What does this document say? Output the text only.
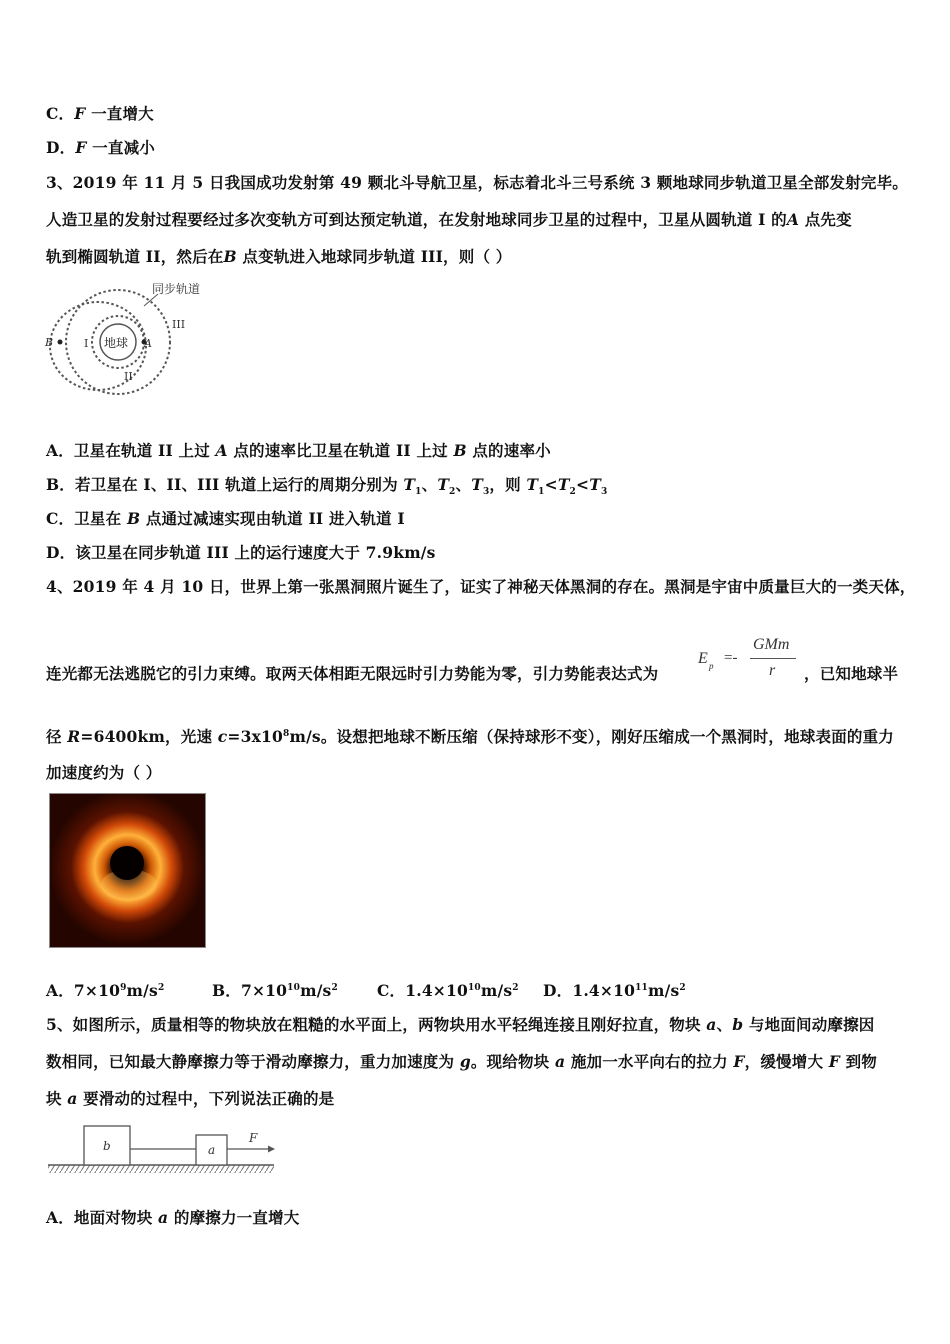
C．F 一直增大
D．F 一直减小
3、2019 年 11 月 5 日我国成功发射第 49 颗北斗导航卫星，标志着北斗三号系统 3 颗地球同步轨道卫星全部发射完毕。
人造卫星的发射过程要经过多次变轨方可到达预定轨道，在发射地球同步卫星的过程中，卫星从圆轨道 I 的A 点先变
轨到椭圆轨道 II，然后在B 点变轨进入地球同步轨道 III，则（ ）
地球
同步轨道
III
I
II
A
B
A．卫星在轨道 II 上过 A 点的速率比卫星在轨道 II 上过 B 点的速率小
B．若卫星在 I、II、III 轨道上运行的周期分别为 $T_1$、$T_2$、$T_3$，则 $T_1<T_2<T_3$
C．卫星在 B 点通过减速实现由轨道 II 进入轨道 I
D．该卫星在同步轨道 III 上的运行速度大于 7.9km/s
4、2019 年 4 月 10 日，世界上第一张黑洞照片诞生了，证实了神秘天体黑洞的存在。黑洞是宇宙中质量巨大的一类天体，
连光都无法逃脱它的引力束缚。取两天体相距无限远时引力势能为零，引力势能表达式为
E p =-
GMm
r ，已知地球半
径 R=6400km，光速 $c=3x10^8m/s$。设想把地球不断压缩（保持球形不变），刚好压缩成一个黑洞时，地球表面的重力
加速度约为（ ）
A．$7\times 10^9m/s^2$	B．$7\times 10^{10}m/s^2$	C．$1.4\times 10^{10}m/s^2$ D．$1.4\times 10^{11}m/s^2$
5、如图所示，质量相等的物块放在粗糙的水平面上，两物块用水平轻绳连接且刚好拉直，物块 a、b 与地面间动摩擦因
数相同，已知最大静摩擦力等于滑动摩擦力，重力加速度为 g。现给物块 a 施加一水平向右的拉力 F，缓慢增大 F 到物
块 a 要滑动的过程中，下列说法正确的是
b	a
F
A．地面对物块 a 的摩擦力一直增大
